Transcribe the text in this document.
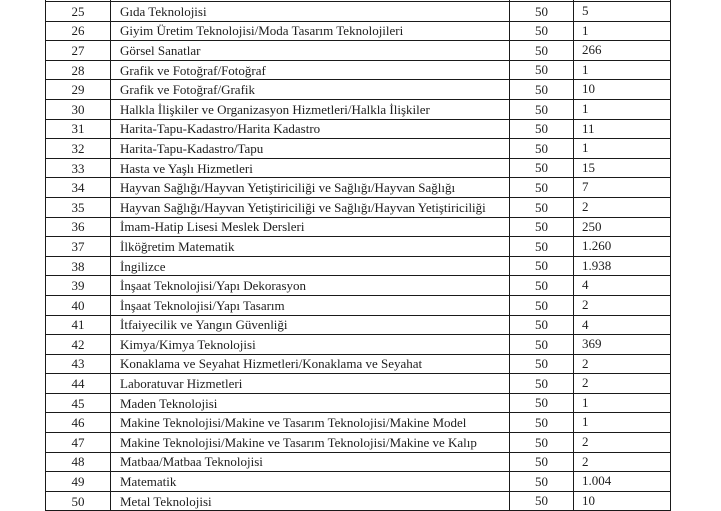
25	Gıda Teknolojisi	50	5
26	Giyim Üretim Teknolojisi/Moda Tasarım Teknolojileri	50	1
27	Görsel Sanatlar	50	266
28	Grafik ve Fotoğraf/Fotoğraf	50	1
29	Grafik ve Fotoğraf/Grafik	50	10
30	Halkla İlişkiler ve Organizasyon Hizmetleri/Halkla İlişkiler	50	1
31	Harita-Tapu-Kadastro/Harita Kadastro	50	11
32	Harita-Tapu-Kadastro/Tapu	50	1
33	Hasta ve Yaşlı Hizmetleri	50	15
34	Hayvan Sağlığı/Hayvan Yetiştiriciliği ve Sağlığı/Hayvan Sağlığı	50	7
35	Hayvan Sağlığı/Hayvan Yetiştiriciliği ve Sağlığı/Hayvan Yetiştiriciliği	50	2
36	İmam-Hatip Lisesi Meslek Dersleri	50	250
37	İlköğretim Matematik	50	1.260
38	İngilizce	50	1.938
39	İnşaat Teknolojisi/Yapı Dekorasyon	50	4
40	İnşaat Teknolojisi/Yapı Tasarım	50	2
41	İtfaiyecilik ve Yangın Güvenliği	50	4
42	Kimya/Kimya Teknolojisi	50	369
43	Konaklama ve Seyahat Hizmetleri/Konaklama ve Seyahat	50	2
44	Laboratuvar Hizmetleri	50	2
45	Maden Teknolojisi	50	1
46	Makine Teknolojisi/Makine ve Tasarım Teknolojisi/Makine Model	50	1
47	Makine Teknolojisi/Makine ve Tasarım Teknolojisi/Makine ve Kalıp	50	2
48	Matbaa/Matbaa Teknolojisi	50	2
49	Matematik	50	1.004
50	Metal Teknolojisi	50	10
